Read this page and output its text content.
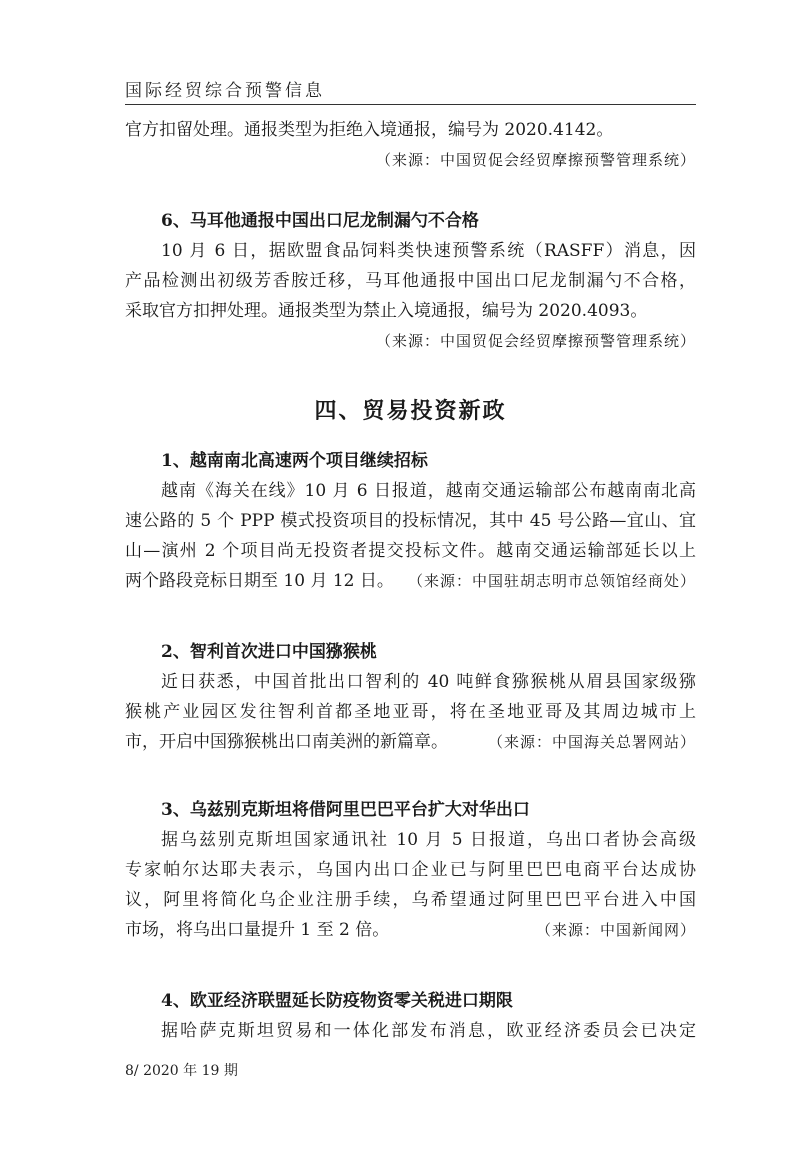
国际经贸综合预警信息
官方扣留处理。通报类型为拒绝入境通报，编号为 2020.4142。
（来源：中国贸促会经贸摩擦预警管理系统）
6、马耳他通报中国出口尼龙制漏勺不合格
10 月 6 日，据欧盟食品饲料类快速预警系统（RASFF）消息，因
产品检测出初级芳香胺迁移，马耳他通报中国出口尼龙制漏勺不合格，
采取官方扣押处理。通报类型为禁止入境通报，编号为 2020.4093。
（来源：中国贸促会经贸摩擦预警管理系统）
四、贸易投资新政
1、越南南北高速两个项目继续招标
越南《海关在线》10 月 6 日报道，越南交通运输部公布越南南北高
速公路的 5 个 PPP 模式投资项目的投标情况，其中 45 号公路—宜山、宜
山—演州 2 个项目尚无投资者提交投标文件。越南交通运输部延长以上
两个路段竞标日期至 10 月 12 日。 （来源：中国驻胡志明市总领馆经商处）
2、智利首次进口中国猕猴桃
近日获悉，中国首批出口智利的 40 吨鲜食猕猴桃从眉县国家级猕
猴桃产业园区发往智利首都圣地亚哥，将在圣地亚哥及其周边城市上
市，开启中国猕猴桃出口南美洲的新篇章。	（来源：中国海关总署网站）
3、乌兹别克斯坦将借阿里巴巴平台扩大对华出口
据乌兹别克斯坦国家通讯社 10 月 5 日报道，乌出口者协会高级
专家帕尔达耶夫表示，乌国内出口企业已与阿里巴巴电商平台达成协
议，阿里将简化乌企业注册手续，乌希望通过阿里巴巴平台进入中国
市场，将乌出口量提升 1 至 2 倍。	（来源：中国新闻网）
4、欧亚经济联盟延长防疫物资零关税进口期限
据哈萨克斯坦贸易和一体化部发布消息，欧亚经济委员会已决定
8/ 2020 年 19 期
